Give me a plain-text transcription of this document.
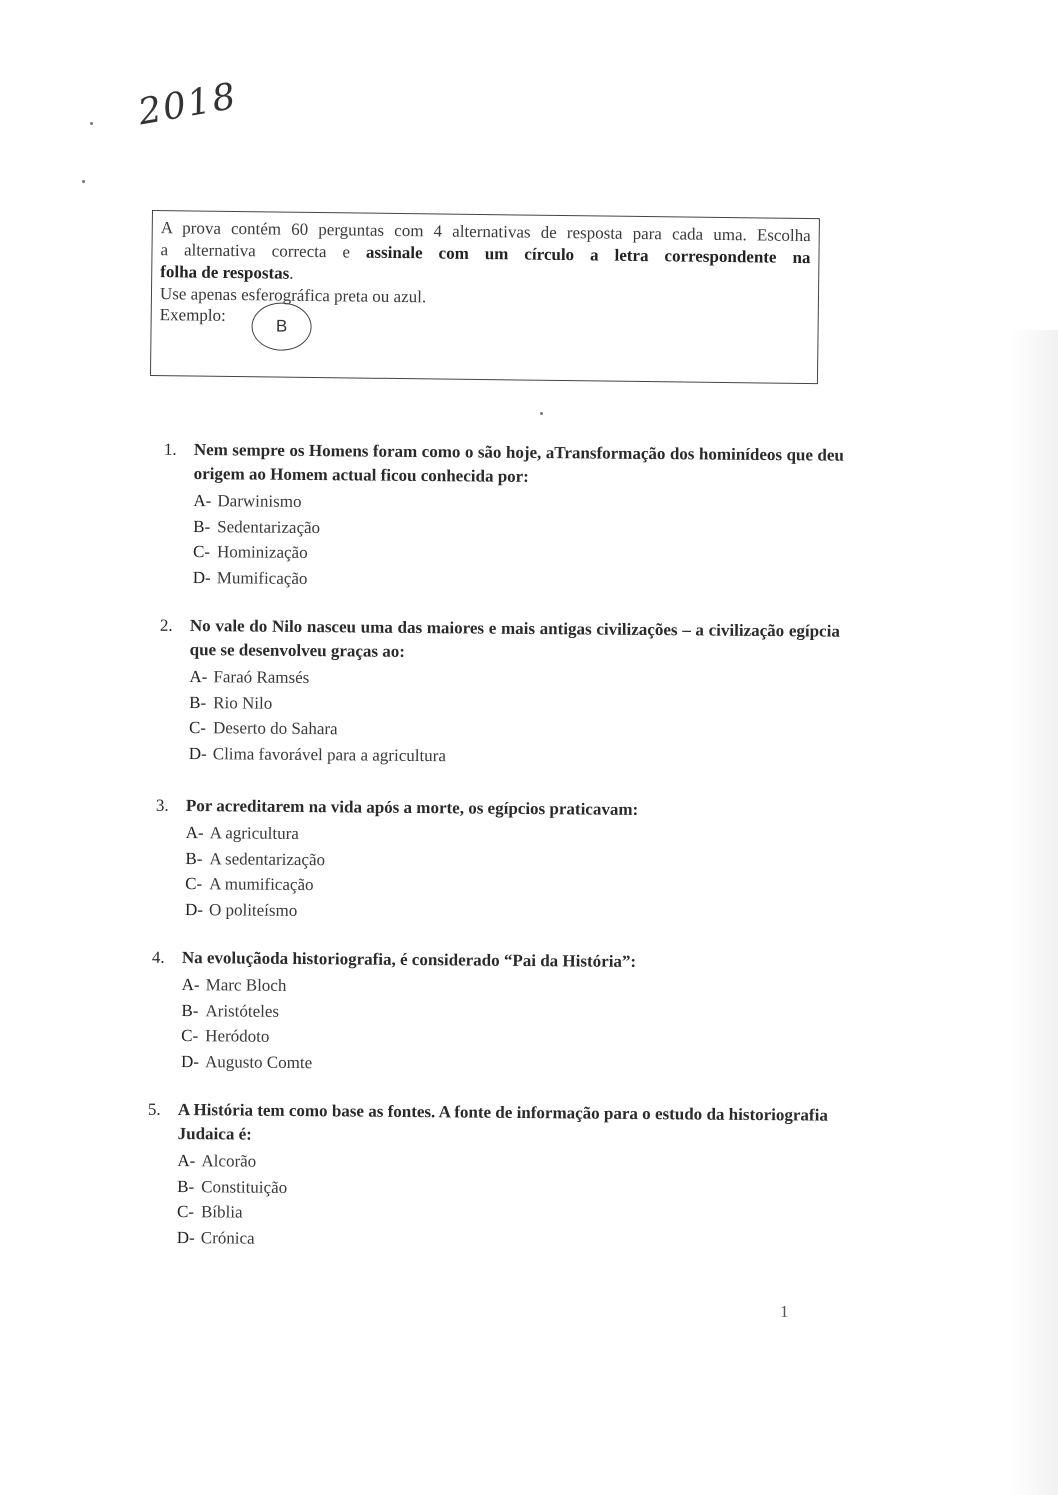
2018
A prova contém 60 perguntas com 4 alternativas de resposta para cada uma. Escolha
a alternativa correcta e assinale com um círculo a letra correspondente na
folha de respostas.
Use apenas esferográfica preta ou azul.
Exemplo:
B
1. Nem sempre os Homens foram como o são hoje, aTransformação dos hominídeos que deu origem ao Homem actual ficou conhecida por:
A- Darwinismo
B- Sedentarização
C- Hominização
D- Mumificação
2. No vale do Nilo nasceu uma das maiores e mais antigas civilizações – a civilização egípcia que se desenvolveu graças ao:
A- Faraó Ramsés
B- Rio Nilo
C- Deserto do Sahara
D- Clima favorável para a agricultura
3. Por acreditarem na vida após a morte, os egípcios praticavam:
A- A agricultura
B- A sedentarização
C- A mumificação
D- O politeísmo
4. Na evoluçãoda historiografia, é considerado “Pai da História”:
A- Marc Bloch
B- Aristóteles
C- Heródoto
D- Augusto Comte
5. A História tem como base as fontes. A fonte de informação para o estudo da historiografia Judaica é:
A- Alcorão
B- Constituição
C- Bíblia
D- Crónica
1
